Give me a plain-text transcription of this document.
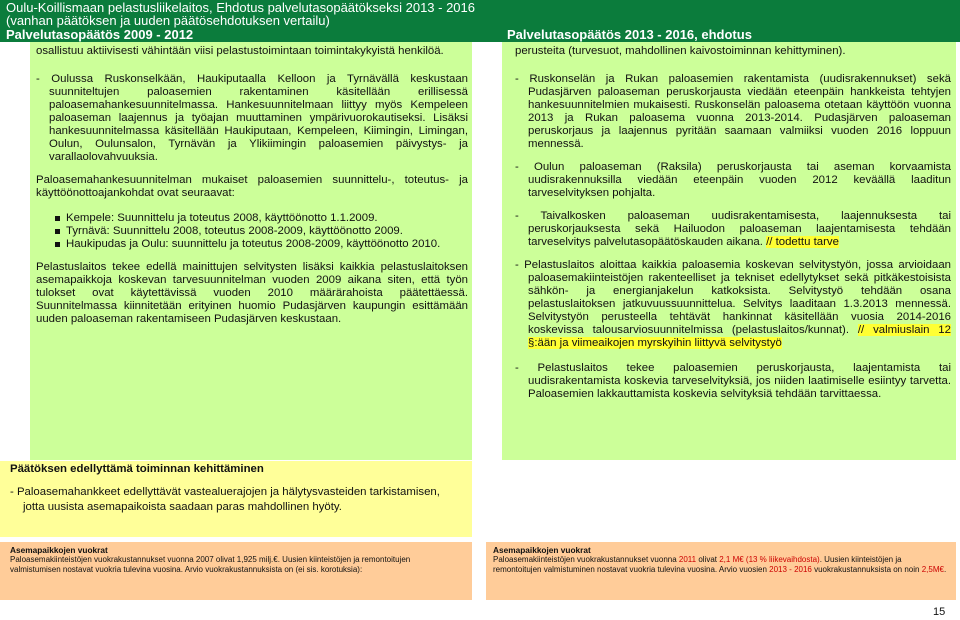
Oulu-Koillismaan pelastusliikelaitos, Ehdotus palvelutasopäätökseksi 2013 - 2016
(vanhan päätöksen ja uuden päätösehdotuksen vertailu)
Palvelutasopäätös 2009 - 2012	Palvelutasopäätös 2013 - 2016, ehdotus

osallistuu aktiivisesti vähintään viisi pelastustoimintaan toimintakykyistä henkilöä.

- Oulussa Ruskonselkään, Haukiputaalla Kelloon ja Tyrnävällä keskustaan suunniteltujen paloasemien rakentaminen käsitellään erillisessä paloasemahankesuunnitelmassa. Hankesuunnitelmaan liittyy myös Kempeleen paloaseman laajennus ja työajan muuttaminen ympärivuorokautiseksi. Lisäksi hankesuunnitelmassa käsitellään Haukiputaan, Kempeleen, Kiimingin, Limingan, Oulun, Oulunsalon, Tyrnävän ja Ylikiimingin paloasemien päivystys- ja varallaolovahvuuksia.

Paloasemahankesuunnitelman mukaiset paloasemien suunnittelu-, toteutus- ja käyttöönottoajankohdat ovat seuraavat:

Kempele: Suunnittelu ja toteutus 2008, käyttöönotto 1.1.2009.

Tyrnävä: Suunnittelu 2008, toteutus 2008-2009, käyttöönotto 2009.

Haukipudas ja Oulu: suunnittelu ja toteutus 2008-2009, käyttöönotto 2010.

Pelastuslaitos tekee edellä mainittujen selvitysten lisäksi kaikkia pelastuslaitoksen asemapaikkoja koskevan tarvesuunnitelman vuoden 2009 aikana siten, että työn tulokset ovat käytettävissä vuoden 2010 määrärahoista päätettäessä. Suunnitelmassa kiinnitetään erityinen huomio Pudasjärven kaupungin esittämään uuden paloaseman rakentamiseen Pudasjärven keskustaan.

perusteita (turvesuot, mahdollinen kaivostoiminnan kehittyminen).

- Ruskonselän ja Rukan paloasemien rakentamista (uudisrakennukset) sekä Pudasjärven paloaseman peruskorjausta viedään eteenpäin hankkeista tehtyjen hankesuunnitelmien mukaisesti. Ruskonselän paloasema otetaan käyttöön vuonna 2013 ja Rukan paloasema vuonna 2013-2014. Pudasjärven paloaseman peruskorjaus ja laajennus pyritään saamaan valmiiksi vuoden 2016 loppuun mennessä.

- Oulun paloaseman (Raksila) peruskorjausta tai aseman korvaamista uudisrakennuksilla viedään eteenpäin vuoden 2012 keväällä laaditun tarveselvityksen pohjalta.

- Taivalkosken paloaseman uudisrakentamisesta, laajennuksesta tai peruskorjauksesta sekä Hailuodon paloaseman laajentamisesta tehdään tarveselvitys palvelutasopäätöskauden aikana. // todettu tarve

- Pelastuslaitos aloittaa kaikkia paloasemia koskevan selvitystyön, jossa arvioidaan paloasemakiinteistöjen rakenteelliset ja tekniset edellytykset sekä pitkäkestoisista sähkön- ja energianjakelun katkoksista. Selvitystyö tehdään osana pelastuslaitoksen jatkuvuussuunnittelua. Selvitys laaditaan 1.3.2013 mennessä. Selvitystyön perusteella tehtävät hankinnat käsitellään vuosia 2014-2016 koskevissa talousarviosuunnitelmissa (pelastuslaitos/kunnat). // valmiuslain 12 §:ään ja viimeaikojen myrskyihin liittyvä selvitystyö

- Pelastuslaitos tekee paloasemien peruskorjausta, laajentamista tai uudisrakentamista koskevia tarveselvityksiä, jos niiden laatimiselle esiintyy tarvetta. Paloasemien lakkauttamista koskevia selvityksiä tehdään tarvittaessa.

Päätöksen edellyttämä toiminnan kehittäminen
- Paloasemahankkeet edellyttävät vastealuerajojen ja hälytysvasteiden tarkistamisen, jotta uusista asemapaikoista saadaan paras mahdollinen hyöty.
Asemapaikkojen vuokrat
Paloasemakiinteistöjen vuokrakustannukset vuonna 2007 olivat 1,925 milj.€. Uusien kiinteistöjen ja remontoitujen valmistumisen nostavat vuokria tulevina vuosina. Arvio vuokrakustannuksista on (ei sis. korotuksia):
Asemapaikkojen vuokrat
Paloasemakiinteistöjen vuokrakustannukset vuonna 2011 olivat 2,1 M€ (13 % liikevaihdosta). Uusien kiinteistöjen ja remontoitujen valmistuminen nostavat vuokria tulevina vuosina. Arvio vuosien 2013 - 2016 vuokrakustannuksista on noin 2,5M€.
15
